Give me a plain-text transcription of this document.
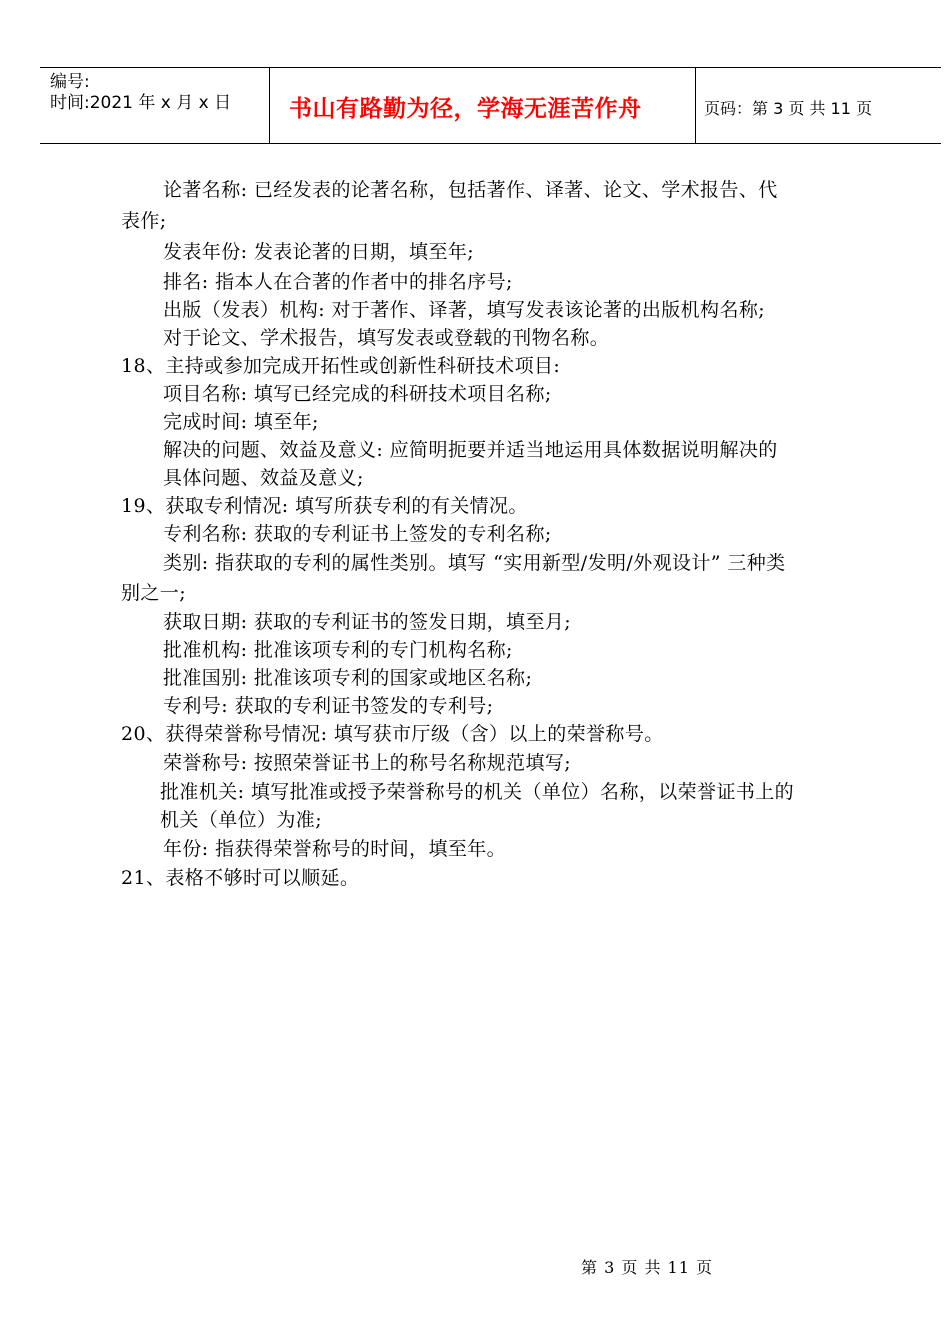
编号:
时间:2021 年 x 月 x 日	书山有路勤为径，学海无涯苦作舟	页码：第 3 页 共 11 页
论著名称: 已经发表的论著名称，包括著作、译著、论文、学术报告、代
表作;
发表年份: 发表论著的日期，填至年;
排名: 指本人在合著的作者中的排名序号;
出版（发表）机构: 对于著作、译著，填写发表该论著的出版机构名称;
对于论文、学术报告，填写发表或登载的刊物名称。
18、主持或参加完成开拓性或创新性科研技术项目:
项目名称: 填写已经完成的科研技术项目名称;
完成时间: 填至年;
解决的问题、效益及意义: 应简明扼要并适当地运用具体数据说明解决的
具体问题、效益及意义;
19、获取专利情况: 填写所获专利的有关情况。
专利名称: 获取的专利证书上签发的专利名称;
类别: 指获取的专利的属性类别。填写 “实用新型/发明/外观设计” 三种类
别之一;
获取日期: 获取的专利证书的签发日期，填至月;
批准机构: 批准该项专利的专门机构名称;
批准国别: 批准该项专利的国家或地区名称;
专利号: 获取的专利证书签发的专利号;
20、获得荣誉称号情况: 填写获市厅级（含）以上的荣誉称号。
荣誉称号: 按照荣誉证书上的称号名称规范填写;
批准机关: 填写批准或授予荣誉称号的机关（单位）名称，以荣誉证书上的
机关（单位）为准;
年份: 指获得荣誉称号的时间，填至年。
21、表格不够时可以顺延。
第 3 页 共 11 页
